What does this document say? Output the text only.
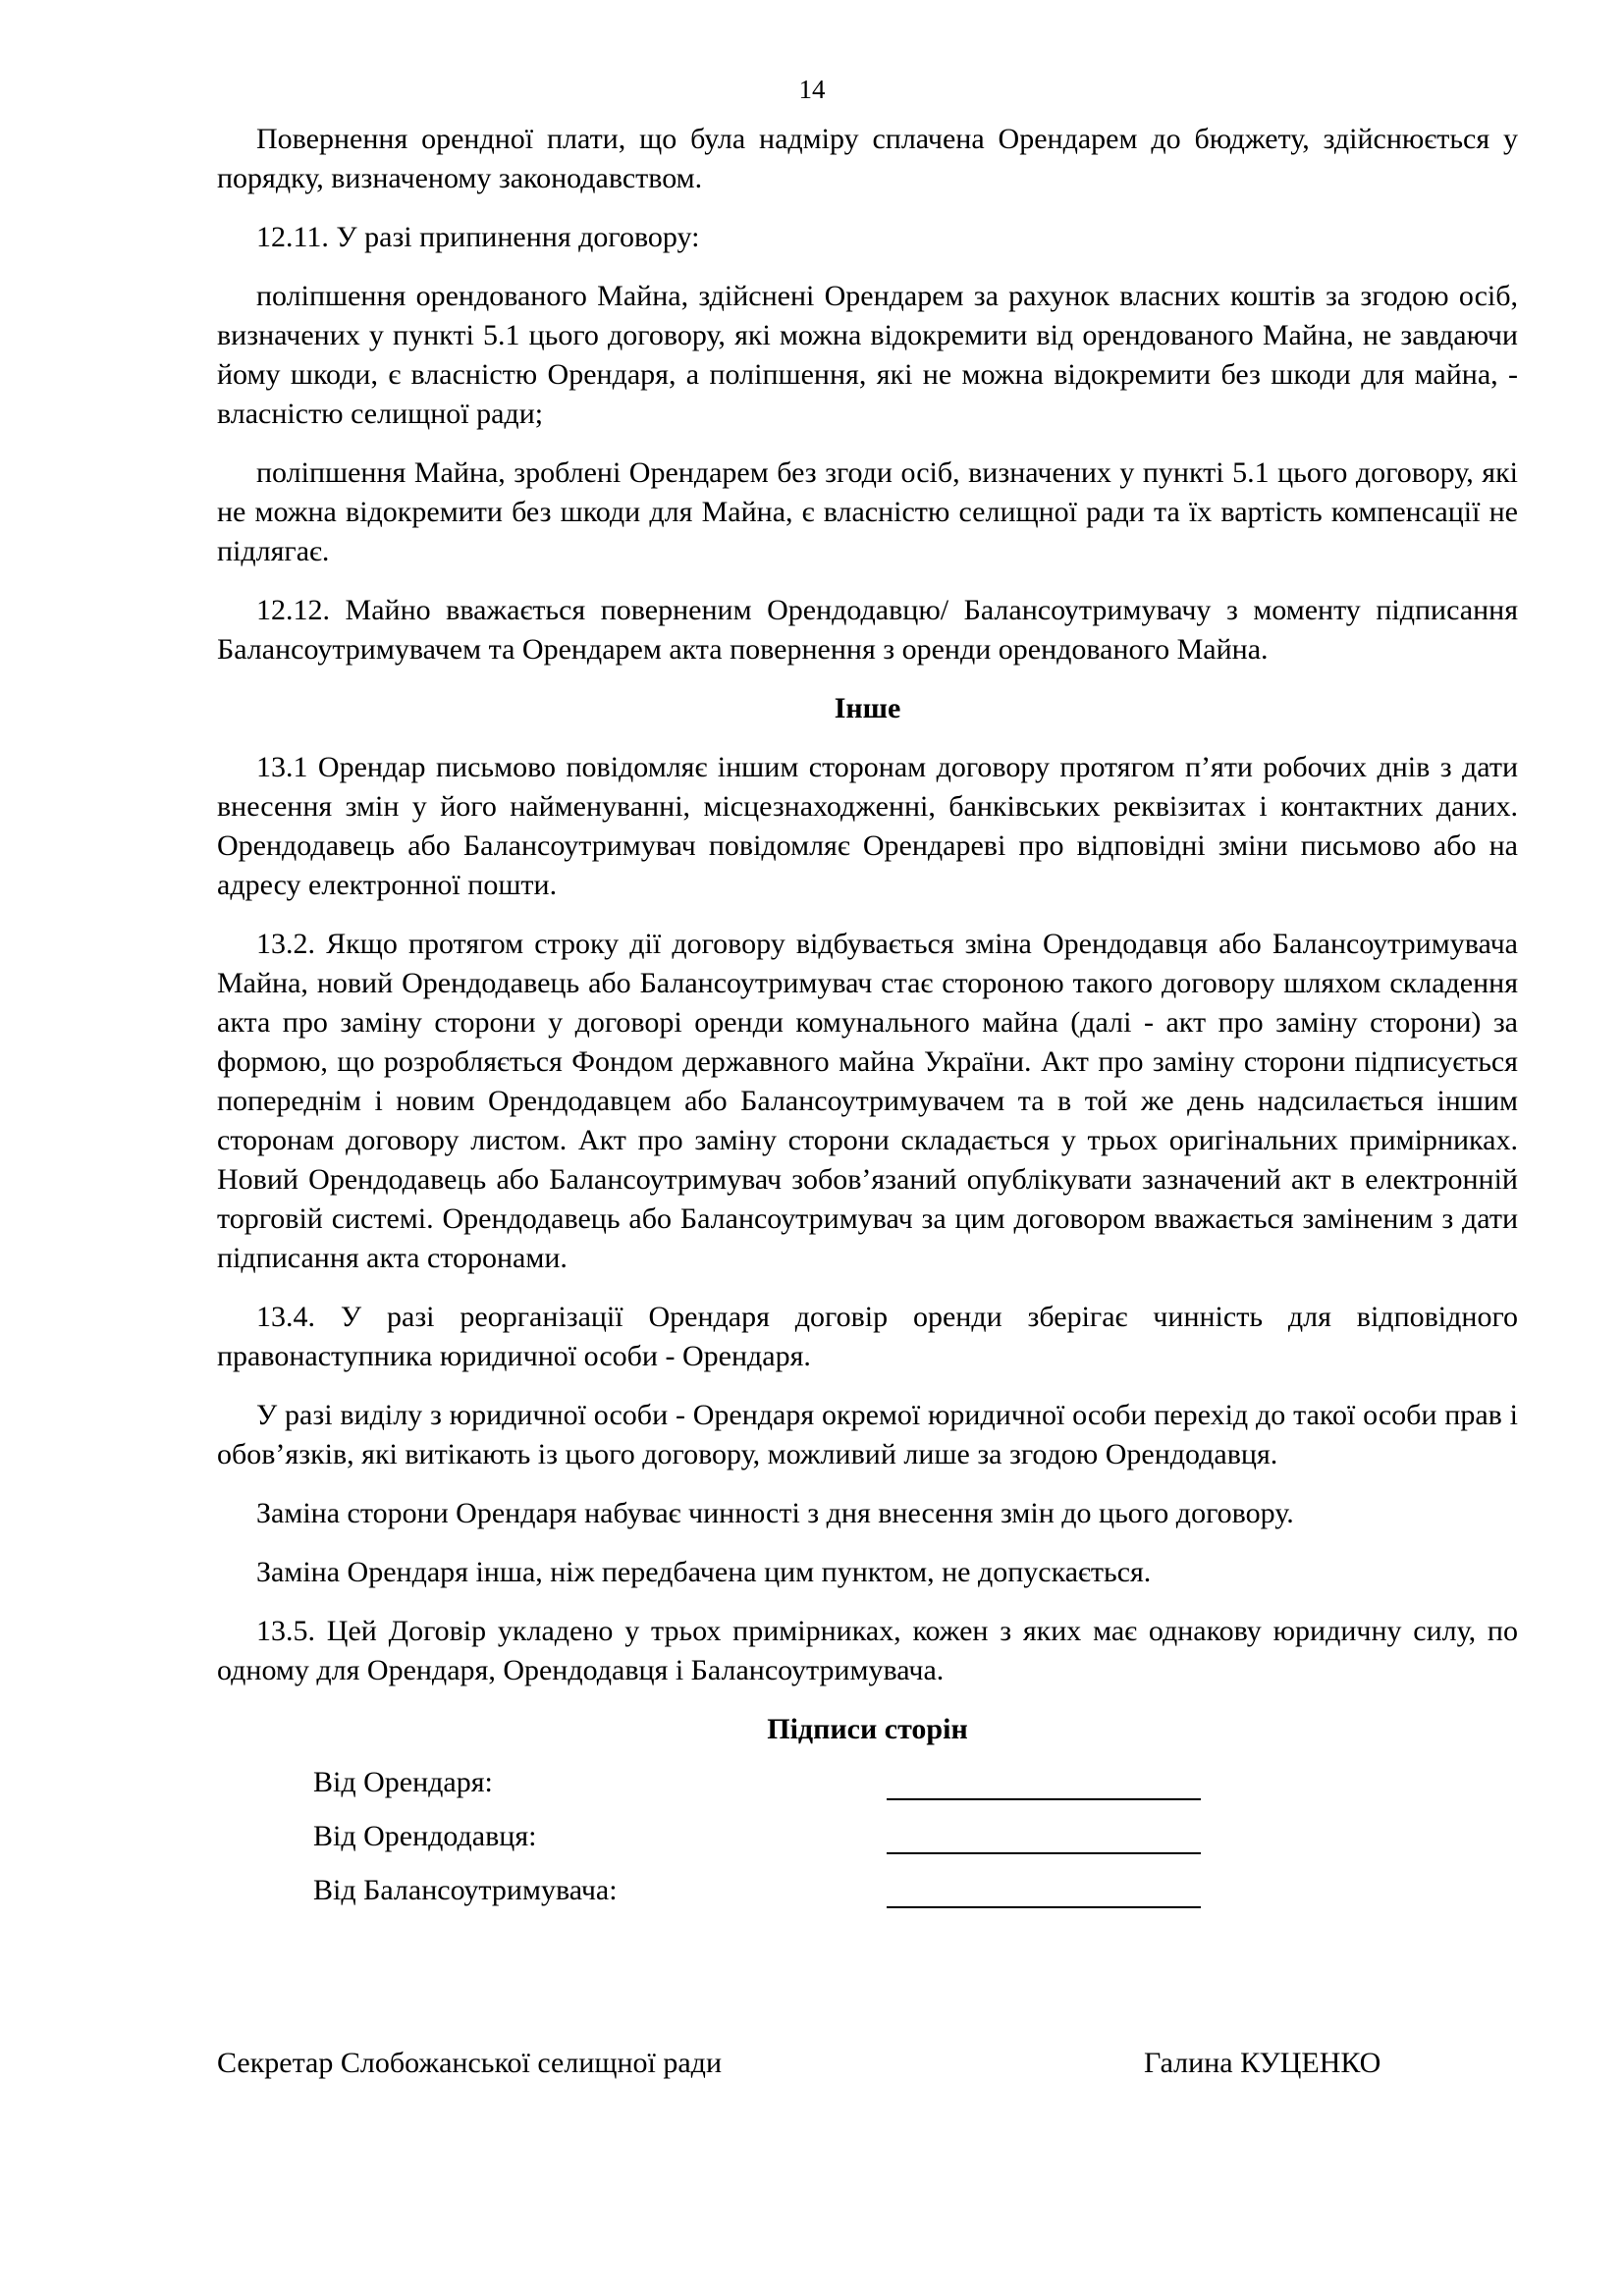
14

Повернення орендної плати, що була надміру сплачена Орендарем до бюджету, здійснюється у порядку, визначеному законодавством.

12.11. У разі припинення договору:

поліпшення орендованого Майна, здійснені Орендарем за рахунок власних коштів за згодою осіб, визначених у пункті 5.1 цього договору, які можна відокремити від орендованого Майна, не завдаючи йому шкоди, є власністю Орендаря, а поліпшення, які не можна відокремити без шкоди для майна, - власністю селищної ради;

поліпшення Майна, зроблені Орендарем без згоди осіб, визначених у пункті 5.1 цього договору, які не можна відокремити без шкоди для Майна, є власністю селищної ради та їх вартість компенсації не підлягає.

12.12. Майно вважається поверненим Орендодавцю/ Балансоутримувачу з моменту підписання Балансоутримувачем та Орендарем акта повернення з оренди орендованого Майна.

Інше

13.1 Орендар письмово повідомляє іншим сторонам договору протягом п’яти робочих днів з дати внесення змін у його найменуванні, місцезнаходженні, банківських реквізитах і контактних даних. Орендодавець або Балансоутримувач повідомляє Орендареві про відповідні зміни письмово або на адресу електронної пошти.

13.2. Якщо протягом строку дії договору відбувається зміна Орендодавця або Балансоутримувача Майна, новий Орендодавець або Балансоутримувач стає стороною такого договору шляхом складення акта про заміну сторони у договорі оренди комунального майна (далі - акт про заміну сторони) за формою, що розробляється Фондом державного майна України. Акт про заміну сторони підписується попереднім і новим Орендодавцем або Балансоутримувачем та в той же день надсилається іншим сторонам договору листом. Акт про заміну сторони складається у трьох оригінальних примірниках. Новий Орендодавець або Балансоутримувач зобов’язаний опублікувати зазначений акт в електронній торговій системі. Орендодавець або Балансоутримувач за цим договором вважається заміненим з дати підписання акта сторонами.

13.4. У разі реорганізації Орендаря договір оренди зберігає чинність для відповідного правонаступника юридичної особи - Орендаря.

У разі виділу з юридичної особи - Орендаря окремої юридичної особи перехід до такої особи прав і обов’язків, які витікають із цього договору, можливий лише за згодою Орендодавця.

Заміна сторони Орендаря набуває чинності з дня внесення змін до цього договору.

Заміна Орендаря інша, ніж передбачена цим пунктом, не допускається.

13.5. Цей Договір укладено у трьох примірниках, кожен з яких має однакову юридичну силу, по одному для Орендаря, Орендодавця і Балансоутримувача.

Підписи сторін
Від Орендаря:
Від Орендодавця:
Від Балансоутримувача:
Секретар Слобожанської селищної ради	Галина КУЦЕНКО
